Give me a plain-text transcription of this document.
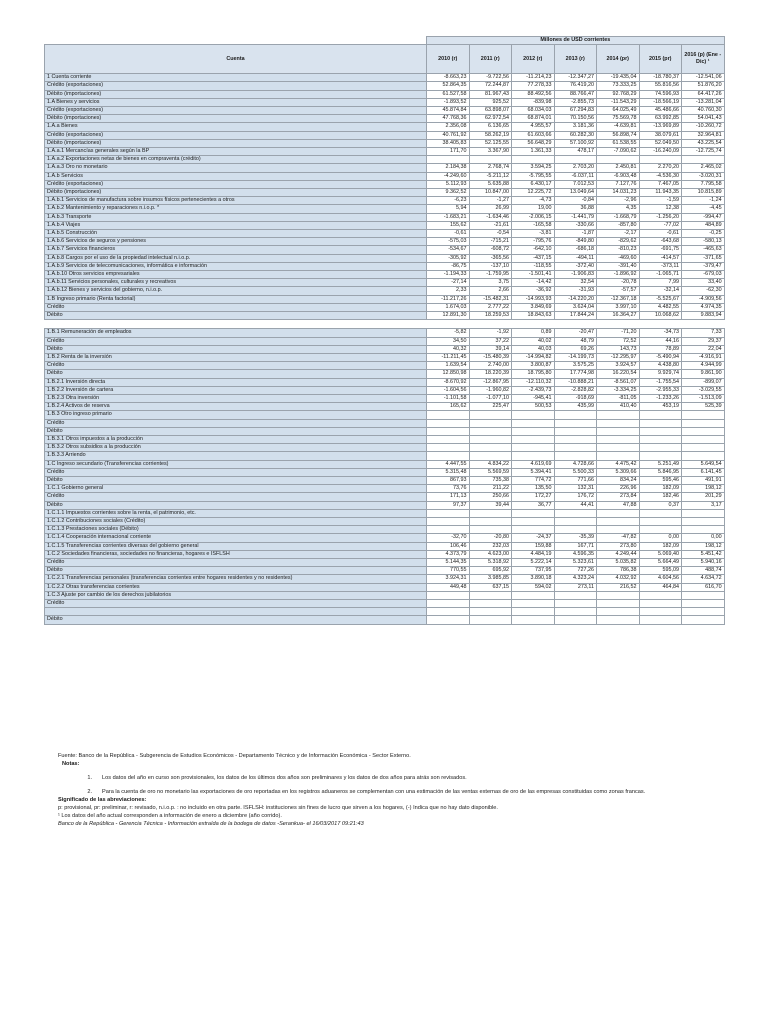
	Millones de USD corrientes						
Cuenta	2010 (r)	2011 (r)	2012 (r)	2013 (r)	2014 (pr)	2015 (pr)	2016 (p) (Ene - Dic) ¹
1 Cuenta corriente	-8.663,23	-9.722,56	-11.214,23	-12.347,27	-19.435,04	-18.780,37	-12.541,06
Crédito (exportaciones)	52.864,35	72.244,87	77.278,33	76.419,20	73.333,25	55.816,56	51.876,20
Débito (importaciones)	61.527,58	81.967,43	88.492,56	88.766,47	92.768,29	74.596,93	64.417,26
1.A Bienes y servicios	-1.893,52	925,52	-839,98	-2.855,73	-11.543,29	-18.566,19	-13.281,04
Crédito (exportaciones)	45.874,84	63.898,07	68.034,03	67.294,83	64.025,49	45.486,66	40.760,30
Débito (importaciones)	47.768,36	62.972,54	68.874,01	70.150,56	75.569,78	63.992,85	54.041,43
1.A.a Bienes	2.356,08	6.136,65	4.955,57	3.181,36	-4.639,81	-13.969,89	-10.260,72
Crédito (exportaciones)	40.761,92	58.262,19	61.603,66	60.282,30	56.898,74	38.079,61	32.964,81
Débito (importaciones)	38.405,83	52.125,55	56.648,29	57.100,92	61.538,55	52.049,50	43.225,54
1.A.a.1 Mercancías generales según la BP	171,70	3.367,90	1.361,33	478,17	-7.090,62	-16.240,09	-12.725,74
1.A.a.2 Exportaciones netas de bienes en compraventa (crédito)							
1.A.a.3 Oro no monetario	2.184,38	2.768,74	3.594,25	2.703,20	2.450,81	2.270,20	2.465,02
1.A.b Servicios	-4.249,60	-5.211,12	-5.795,55	-6.037,11	-6.903,48	-4.536,30	-3.020,31
Crédito (exportaciones)	5.112,93	5.635,88	6.430,17	7.012,53	7.127,76	7.467,05	7.795,58
Débito (importaciones)	9.362,52	10.847,00	12.225,72	13.049,64	14.031,23	11.943,35	10.815,89
1.A.b.1 Servicios de manufactura sobre insumos físicos pertenecientes a otros	-6,23	-1,27	-4,73	-0,84	-2,96	-1,59	-1,24
1.A.b.2 Mantenimiento y reparaciones n.i.o.p. *	5,94	26,99	19,00	36,88	4,35	12,38	-4,45
1.A.b.3 Transporte	-1.683,21	-1.634,46	-2.006,15	-1.441,79	-1.668,79	-1.256,20	-994,47
1.A.b.4 Viajes	155,62	-21,61	-165,58	-330,66	-857,80	-77,02	484,89
1.A.b.5 Construcción	-0,61	-0,54	-3,81	-1,87	-2,17	-0,61	-0,25
1.A.b.6 Servicios de seguros y pensiones	-575,03	-715,21	-795,76	-849,80	-829,62	-643,68	-580,13
1.A.b.7 Servicios financieros	-534,67	-608,72	-642,10	-686,18	-810,23	-691,75	-465,63
1.A.b.8 Cargos por el uso de la propiedad intelectual n.i.o.p.	-305,92	-365,56	-437,15	-494,11	-469,60	-414,57	-371,65
1.A.b.9 Servicios de telecomunicaciones, informática e información	-86,75	-137,10	-118,55	-372,40	-391,40	-373,11	-379,47
1.A.b.10 Otros servicios empresariales	-1.194,33	-1.759,95	-1.501,41	-1.906,83	-1.896,92	-1.065,71	-679,03
1.A.b.11 Servicios personales, culturales y recreativos	-27,14	3,75	-14,42	32,54	-20,78	7,99	33,40
1.A.b.12 Bienes y servicios del gobierno, n.i.o.p.	2,33	2,66	-36,92	-31,93	-57,57	-32,14	-62,30
1.B Ingreso primario (Renta factorial)	-11.217,26	-15.482,31	-14.993,93	-14.220,20	-12.367,18	-5.525,67	-4.909,56
Crédito	1.674,03	2.777,22	3.849,69	3.624,04	3.997,10	4.482,55	4.974,35
Débito	12.891,30	18.259,53	18.843,63	17.844,24	16.364,27	10.068,62	9.883,94

1.B.1 Remuneración de empleados	-5,82	-1,92	0,89	-20,47	-71,20	-34,73	7,33
Crédito	34,50	37,22	40,02	48,79	72,52	44,16	29,37
Débito	40,32	39,14	40,03	69,26	143,73	78,89	22,04
1.B.2 Renta de la inversión	-11.211,45	-15.480,39	-14.994,82	-14.199,73	-12.295,97	-5.490,94	-4.916,91
Crédito	1.639,54	2.740,00	3.800,87	3.575,25	3.924,57	4.438,80	4.944,99
Débito	12.850,98	18.220,39	18.795,80	17.774,98	16.220,54	9.929,74	9.861,90
1.B.2.1 Inversión directa	-8.670,92	-12.867,95	-12.110,32	-10.888,21	-8.561,07	-1.755,54	-899,07
1.B.2.2 Inversión de cartera	-1.604,56	-1.960,82	-2.439,73	-2.828,82	-3.334,25	-2.955,33	-3.029,55
1.B.2.3 Otra inversión	-1.101,58	-1.077,10	-945,41	-918,69	-811,05	-1.233,26	-1.513,09
1.B.2.4 Activos de reserva	165,62	225,47	500,53	435,99	410,40	453,19	525,39
1.B.3 Otro ingreso primario							
Crédito							
Débito							
1.B.3.1 Otros impuestos a la producción							
1.B.3.2 Otros subsidios a la producción							
1.B.3.3 Arriendo							
1.C Ingreso secundario (Transferencias corrientes)	4.447,55	4.834,22	4.619,69	4.728,66	4.475,42	5.251,49	5.649,54
Crédito	5.315,48	5.569,59	5.394,41	5.500,33	5.309,66	5.846,95	6.141,45
Débito	867,93	735,38	774,72	771,66	834,24	595,46	491,91
1.C.1 Gobierno general	73,76	211,22	135,50	132,31	226,96	182,09	198,12
Crédito	171,13	250,66	172,27	176,72	273,84	182,46	201,29
Débito	97,37	39,44	36,77	44,41	47,88	0,37	3,17
1.C.1.1 Impuestos corrientes sobre la renta, el patrimonio, etc.							
1.C.1.2 Contribuciones sociales (Crédito)							
1.C.1.3 Prestaciones sociales (Débito)							
1.C.1.4 Cooperación internacional corriente	-32,70	-20,80	-24,37	-35,39	-47,82	0,00	0,00
1.C.1.5 Transferencias corrientes diversas del gobierno general	106,46	232,03	159,88	167,71	273,80	182,09	198,12
1.C.2 Sociedades financieras, sociedades no financieras, hogares e ISFLSH	4.373,79	4.623,00	4.484,19	4.596,35	4.249,44	5.069,40	5.451,42
Crédito	5.144,35	5.318,92	5.222,14	5.323,61	5.035,82	5.664,49	5.940,16
Débito	770,55	695,92	737,95	727,26	786,38	595,09	488,74
1.C.2.1 Transferencias personales (transferencias corrientes entre hogares residentes y no residentes)	3.924,31	3.985,85	3.890,18	4.323,24	4.032,92	4.604,56	4.634,72
1.C.2.2 Otras transferencias corrientes	449,48	637,15	594,02	273,11	216,52	464,84	616,70
1.C.3 Ajuste por cambio de los derechos jubilatorios							
Crédito							

Débito							

Fuente: Banco de la República - Subgerencia de Estudios Económicos - Departamento Técnico y de Información Económica - Sector Externo.

Notas:

1.	Los datos del año en curso son provisionales, los datos de los últimos dos años son preliminares y los datos de dos años para atrás son revisados.
2.	Para la cuenta de oro no monetario las exportaciones de oro reportadas en los registros aduaneros se complementan con una estimación de las ventas externas de oro de las empresas constituidas como zonas francas.

Significado de las abreviaciones:

p: provisional, pr: preliminar, r: revisado, n.i.o.p. : no incluido en otra parte. ISFLSH: instituciones sin fines de lucro que sirven a los hogares, (-) Indica que no hay dato disponible.

¹ Los datos del año actual corresponden a información de enero a diciembre (año corrido).

Banco de la República - Gerencia Técnica - Información extraída de la bodega de datos -Serankua- el 16/03/2017 09:21:43
